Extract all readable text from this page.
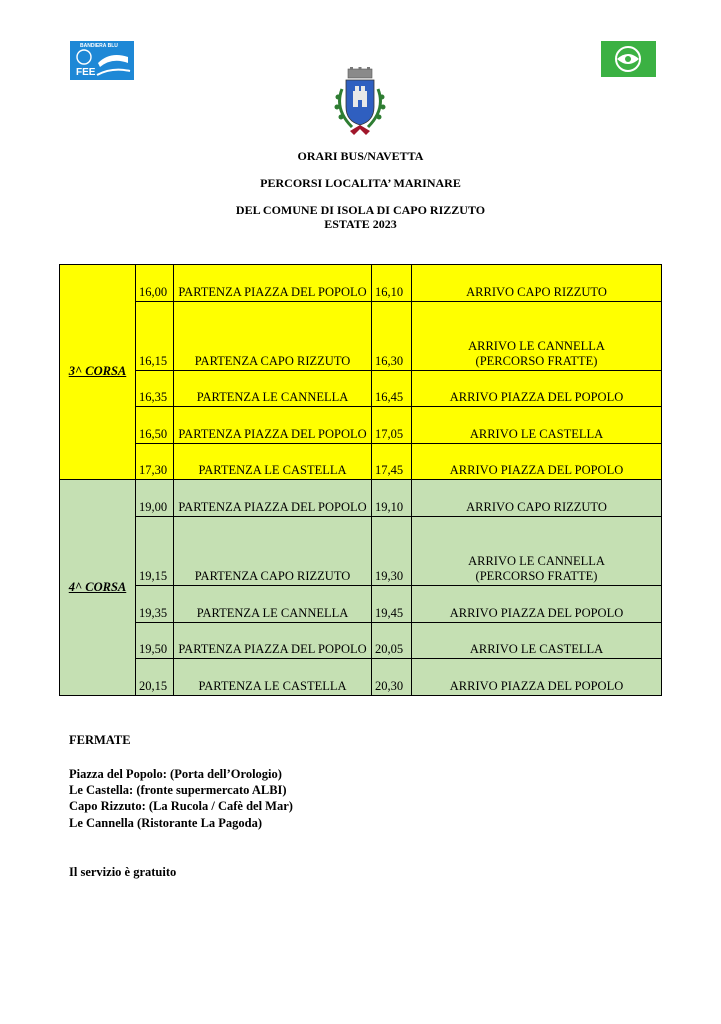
BANDIERA BLU
FEE
ORARI BUS/NAVETTA
PERCORSI LOCALITA’ MARINARE
DEL COMUNE DI ISOLA DI CAPO RIZZUTO
ESTATE 2023
3^ CORSA	16,00	PARTENZA PIAZZA DEL POPOLO	16,10	ARRIVO CAPO RIZZUTO
	16,15	PARTENZA CAPO RIZZUTO	16,30	ARRIVO LE CANNELLA (PERCORSO FRATTE)
	16,35	PARTENZA LE CANNELLA	16,45	ARRIVO PIAZZA DEL POPOLO
	16,50	PARTENZA PIAZZA DEL POPOLO	17,05	ARRIVO LE CASTELLA
	17,30	PARTENZA LE CASTELLA	17,45	ARRIVO PIAZZA DEL POPOLO
4^ CORSA	19,00	PARTENZA PIAZZA DEL POPOLO	19,10	ARRIVO CAPO RIZZUTO
	19,15	PARTENZA CAPO RIZZUTO	19,30	ARRIVO LE CANNELLA (PERCORSO FRATTE)
	19,35	PARTENZA LE CANNELLA	19,45	ARRIVO PIAZZA DEL POPOLO
	19,50	PARTENZA PIAZZA DEL POPOLO	20,05	ARRIVO LE CASTELLA
	20,15	PARTENZA LE CASTELLA	20,30	ARRIVO PIAZZA DEL POPOLO
FERMATE
Piazza del Popolo: (Porta dell’Orologio)
Le Castella: (fronte supermercato ALBI)
Capo Rizzuto: (La Rucola / Cafè del Mar)
Le Cannella (Ristorante La Pagoda)
Il servizio è gratuito
